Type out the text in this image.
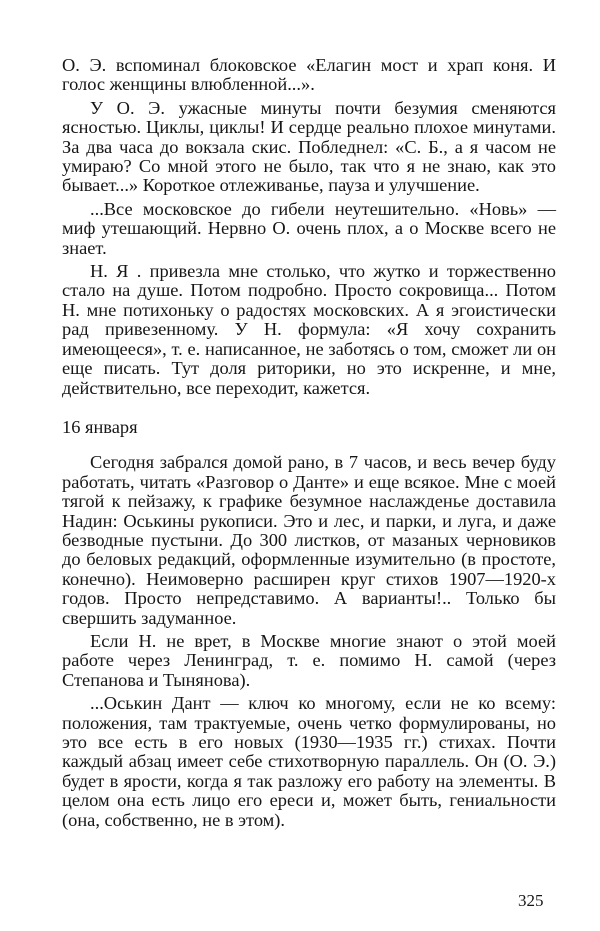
О. Э. вспоминал блоковское «Елагин мост и храп коня. И голос женщины влюбленной...».

У О. Э. ужасные минуты почти безумия сменяются ясностью. Циклы, циклы! И сердце реально плохое минутами. За два часа до вокзала скис. Побледнел: «С. Б., а я часом не умираю? Со мной этого не было, так что я не знаю, как это бывает...» Короткое отлеживанье, пауза и улучшение.

...Все московское до гибели неутешительно. «Новь» — миф утешающий. Нервно О. очень плох, а о Москве всего не знает.

Н. Я . привезла мне столько, что жутко и торжественно стало на душе. Потом подробно. Просто сокровища... Потом Н. мне потихоньку о радостях московских. А я эгоистически рад привезенному. У Н. формула: «Я хочу сохранить имеющееся», т. е. написанное, не заботясь о том, сможет ли он еще писать. Тут доля риторики, но это искренне, и мне, действительно, все переходит, кажется.

16 января

Сегодня забрался домой рано, в 7 часов, и весь вечер буду работать, читать «Разговор о Данте» и еще всякое. Мне с моей тягой к пейзажу, к графике безумное наслажденье доставила Надин: Оськины рукописи. Это и лес, и парки, и луга, и даже безводные пустыни. До 300 листков, от мазаных черновиков до беловых редакций, оформленные изумительно (в простоте, конечно). Неимоверно расширен круг стихов 1907—1920-х годов. Просто непредставимо. А варианты!.. Только бы свершить задуманное.

Если Н. не врет, в Москве многие знают о этой моей работе через Ленинград, т. е. помимо Н. самой (через Степанова и Тынянова).

...Оськин Дант — ключ ко многому, если не ко всему: положения, там трактуемые, очень четко формулированы, но это все есть в его новых (1930—1935 гг.) стихах. Почти каждый абзац имеет себе стихотворную параллель. Он (О. Э.) будет в ярости, когда я так разложу его работу на элементы. В целом она есть лицо его ереси и, может быть, гениальности (она, собственно, не в этом).

325
